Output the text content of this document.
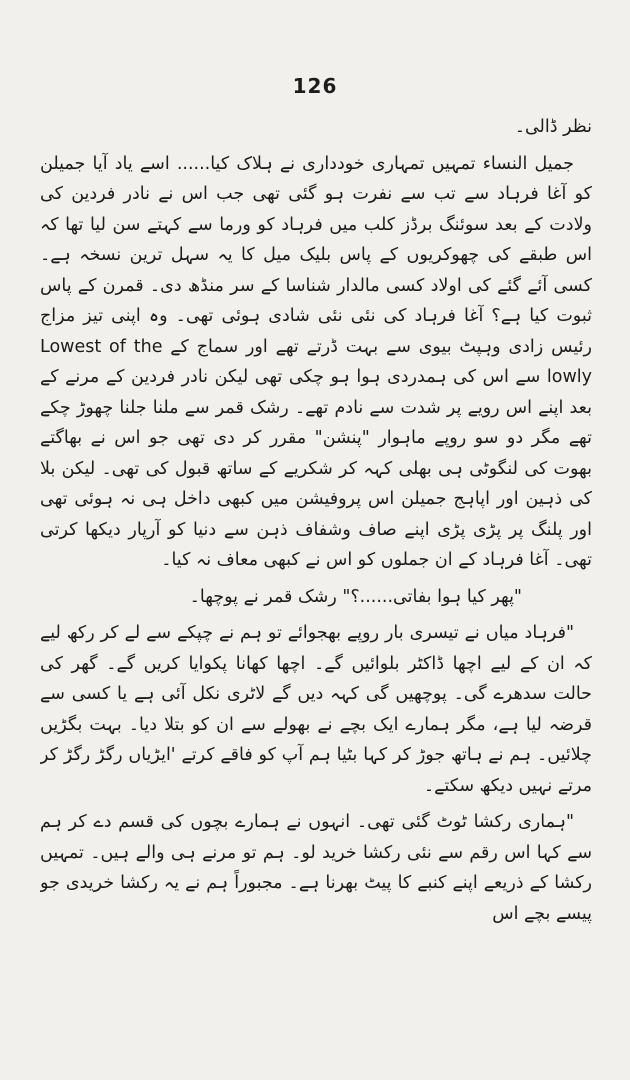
126

نظر ڈالی۔

جمیل النساء تمہیں تمہاری خودداری نے ہلاک کیا...... اسے یاد آیا جمیلن کو آغا فرہاد سے تب سے نفرت ہو گئی تھی جب اس نے نادر فردین کی ولادت کے بعد سوئنگ برڈز کلب میں فرہاد کو ورما سے کہتے سن لیا تھا کہ اس طبقے کی چھوکریوں کے پاس بلیک میل کا یہ سہل ترین نسخہ ہے۔ کسی آئے گئے کی اولاد کسی مالدار شناسا کے سر منڈھ دی۔ قمرن کے پاس ثبوت کیا ہے؟ آغا فرہاد کی نئی نئی شادی ہوئی تھی۔ وہ اپنی تیز مزاج رئیس زادی وہپٹ بیوی سے بہت ڈرتے تھے اور سماج کے Lowest of the lowly سے اس کی ہمدردی ہوا ہو چکی تھی لیکن نادر فردین کے مرنے کے بعد اپنے اس رویے پر شدت سے نادم تھے۔ رشک قمر سے ملنا جلنا چھوڑ چکے تھے مگر دو سو روپے ماہوار "پنشن" مقرر کر دی تھی جو اس نے بھاگتے بھوت کی لنگوٹی ہی بھلی کہہ کر شکریے کے ساتھ قبول کی تھی۔ لیکن بلا کی ذہین اور اپاہج جمیلن اس پروفیشن میں کبھی داخل ہی نہ ہوئی تھی اور پلنگ پر پڑی پڑی اپنے صاف وشفاف ذہن سے دنیا کو آرپار دیکھا کرتی تھی۔ آغا فرہاد کے ان جملوں کو اس نے کبھی معاف نہ کیا۔

"پھر کیا ہوا بفاتی......؟" رشک قمر نے پوچھا۔

"فرہاد میاں نے تیسری بار روپے بھجوائے تو ہم نے چپکے سے لے کر رکھ لیے کہ ان کے لیے اچھا ڈاکٹر بلوائیں گے۔ اچھا کھانا پکوایا کریں گے۔ گھر کی حالت سدھرے گی۔ پوچھیں گی کہہ دیں گے لاٹری نکل آئی ہے یا کسی سے قرضہ لیا ہے، مگر ہمارے ایک بچے نے بھولے سے ان کو بتلا دیا۔ بہت بگڑیں چلائیں۔ ہم نے ہاتھ جوڑ کر کہا بٹیا ہم آپ کو فاقے کرتے 'ایڑیاں رگڑ رگڑ کر مرتے نہیں دیکھ سکتے۔

"ہماری رکشا ٹوٹ گئی تھی۔ انہوں نے ہمارے بچوں کی قسم دے کر ہم سے کہا اس رقم سے نئی رکشا خرید لو۔ ہم تو مرنے ہی والے ہیں۔ تمہیں رکشا کے ذریعے اپنے کنبے کا پیٹ بھرنا ہے۔ مجبوراً ہم نے یہ رکشا خریدی جو پیسے بچے اس
